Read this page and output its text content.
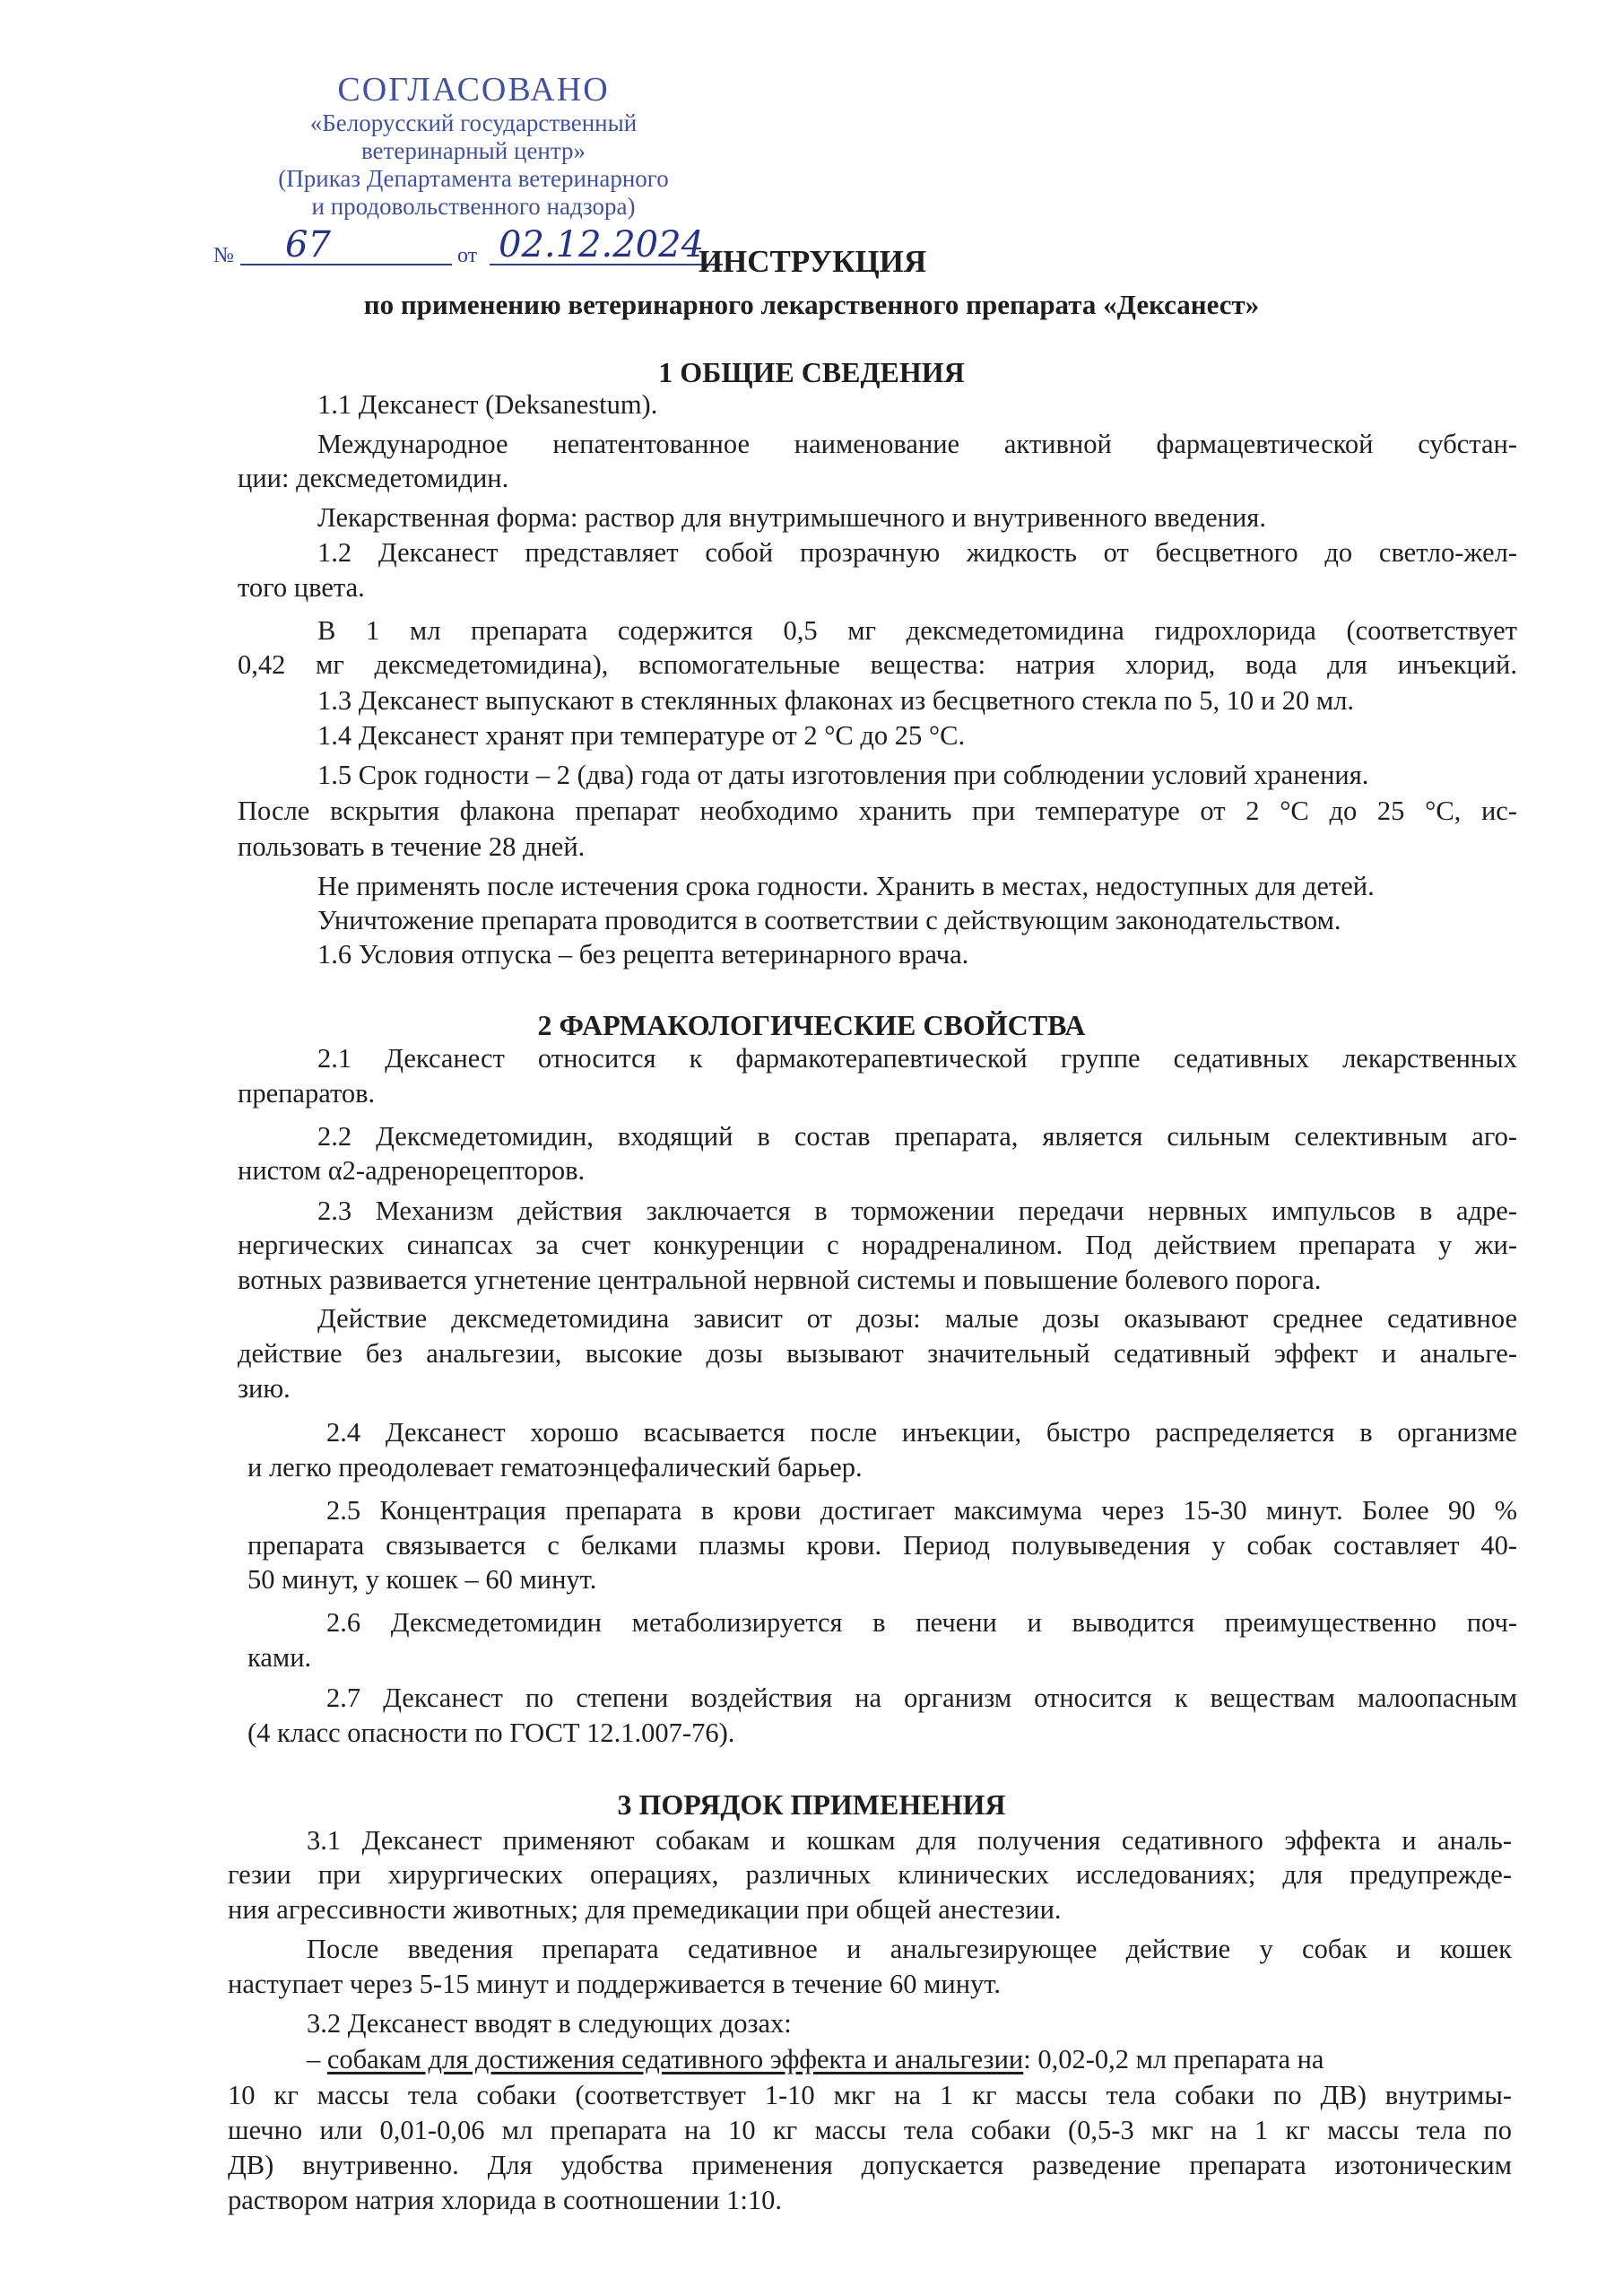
СОГЛАСОВАНО
«Белорусский государственный
ветеринарный центр»
(Приказ Департамента ветеринарного
и продовольственного надзора)
№ 67	от 02.12.2024
ИНСТРУКЦИЯ
по применению ветеринарного лекарственного препарата «Дексанест»
1 ОБЩИЕ СВЕДЕНИЯ
1.1 Дексанест (Deksanestum).
Международное непатентованное наименование активной фармацевтической субстан-
ции: дексмедетомидин.
Лекарственная форма: раствор для внутримышечного и внутривенного введения.
1.2 Дексанест представляет собой прозрачную жидкость от бесцветного до светло-жел-
того цвета.
В 1 мл препарата содержится 0,5 мг дексмедетомидина гидрохлорида (соответствует
0,42 мг дексмедетомидина), вспомогательные вещества: натрия хлорид, вода для инъекций.
1.3 Дексанест выпускают в стеклянных флаконах из бесцветного стекла по 5, 10 и 20 мл.
1.4 Дексанест хранят при температуре от 2 °С до 25 °С.
1.5 Срок годности – 2 (два) года от даты изготовления при соблюдении условий хранения.
После вскрытия флакона препарат необходимо хранить при температуре от 2 °С до 25 °С, ис-
пользовать в течение 28 дней.
Не применять после истечения срока годности. Хранить в местах, недоступных для детей.
Уничтожение препарата проводится в соответствии с действующим законодательством.
1.6 Условия отпуска – без рецепта ветеринарного врача.
2 ФАРМАКОЛОГИЧЕСКИЕ СВОЙСТВА
2.1 Дексанест относится к фармакотерапевтической группе седативных лекарственных
препаратов.
2.2 Дексмедетомидин, входящий в состав препарата, является сильным селективным аго-
нистом α2-адренорецепторов.
2.3 Механизм действия заключается в торможении передачи нервных импульсов в адре-
нергических синапсах за счет конкуренции с норадреналином. Под действием препарата у жи-
вотных развивается угнетение центральной нервной системы и повышение болевого порога.
Действие дексмедетомидина зависит от дозы: малые дозы оказывают среднее седативное
действие без анальгезии, высокие дозы вызывают значительный седативный эффект и анальге-
зию.
2.4 Дексанест хорошо всасывается после инъекции, быстро распределяется в организме
и легко преодолевает гематоэнцефалический барьер.
2.5 Концентрация препарата в крови достигает максимума через 15-30 минут. Более 90 %
препарата связывается с белками плазмы крови. Период полувыведения у собак составляет 40-
50 минут, у кошек – 60 минут.
2.6 Дексмедетомидин метаболизируется в печени и выводится преимущественно поч-
ками.
2.7 Дексанест по степени воздействия на организм относится к веществам малоопасным
(4 класс опасности по ГОСТ 12.1.007-76).
3 ПОРЯДОК ПРИМЕНЕНИЯ
3.1 Дексанест применяют собакам и кошкам для получения седативного эффекта и аналь-
гезии при хирургических операциях, различных клинических исследованиях; для предупрежде-
ния агрессивности животных; для премедикации при общей анестезии.
После введения препарата седативное и анальгезирующее действие у собак и кошек
наступает через 5-15 минут и поддерживается в течение 60 минут.
3.2 Дексанест вводят в следующих дозах:
– собакам для достижения седативного эффекта и анальгезии: 0,02-0,2 мл препарата на
10 кг массы тела собаки (соответствует 1-10 мкг на 1 кг массы тела собаки по ДВ) внутримы-
шечно или 0,01-0,06 мл препарата на 10 кг массы тела собаки (0,5-3 мкг на 1 кг массы тела по
ДВ) внутривенно. Для удобства применения допускается разведение препарата изотоническим
раствором натрия хлорида в соотношении 1:10.
